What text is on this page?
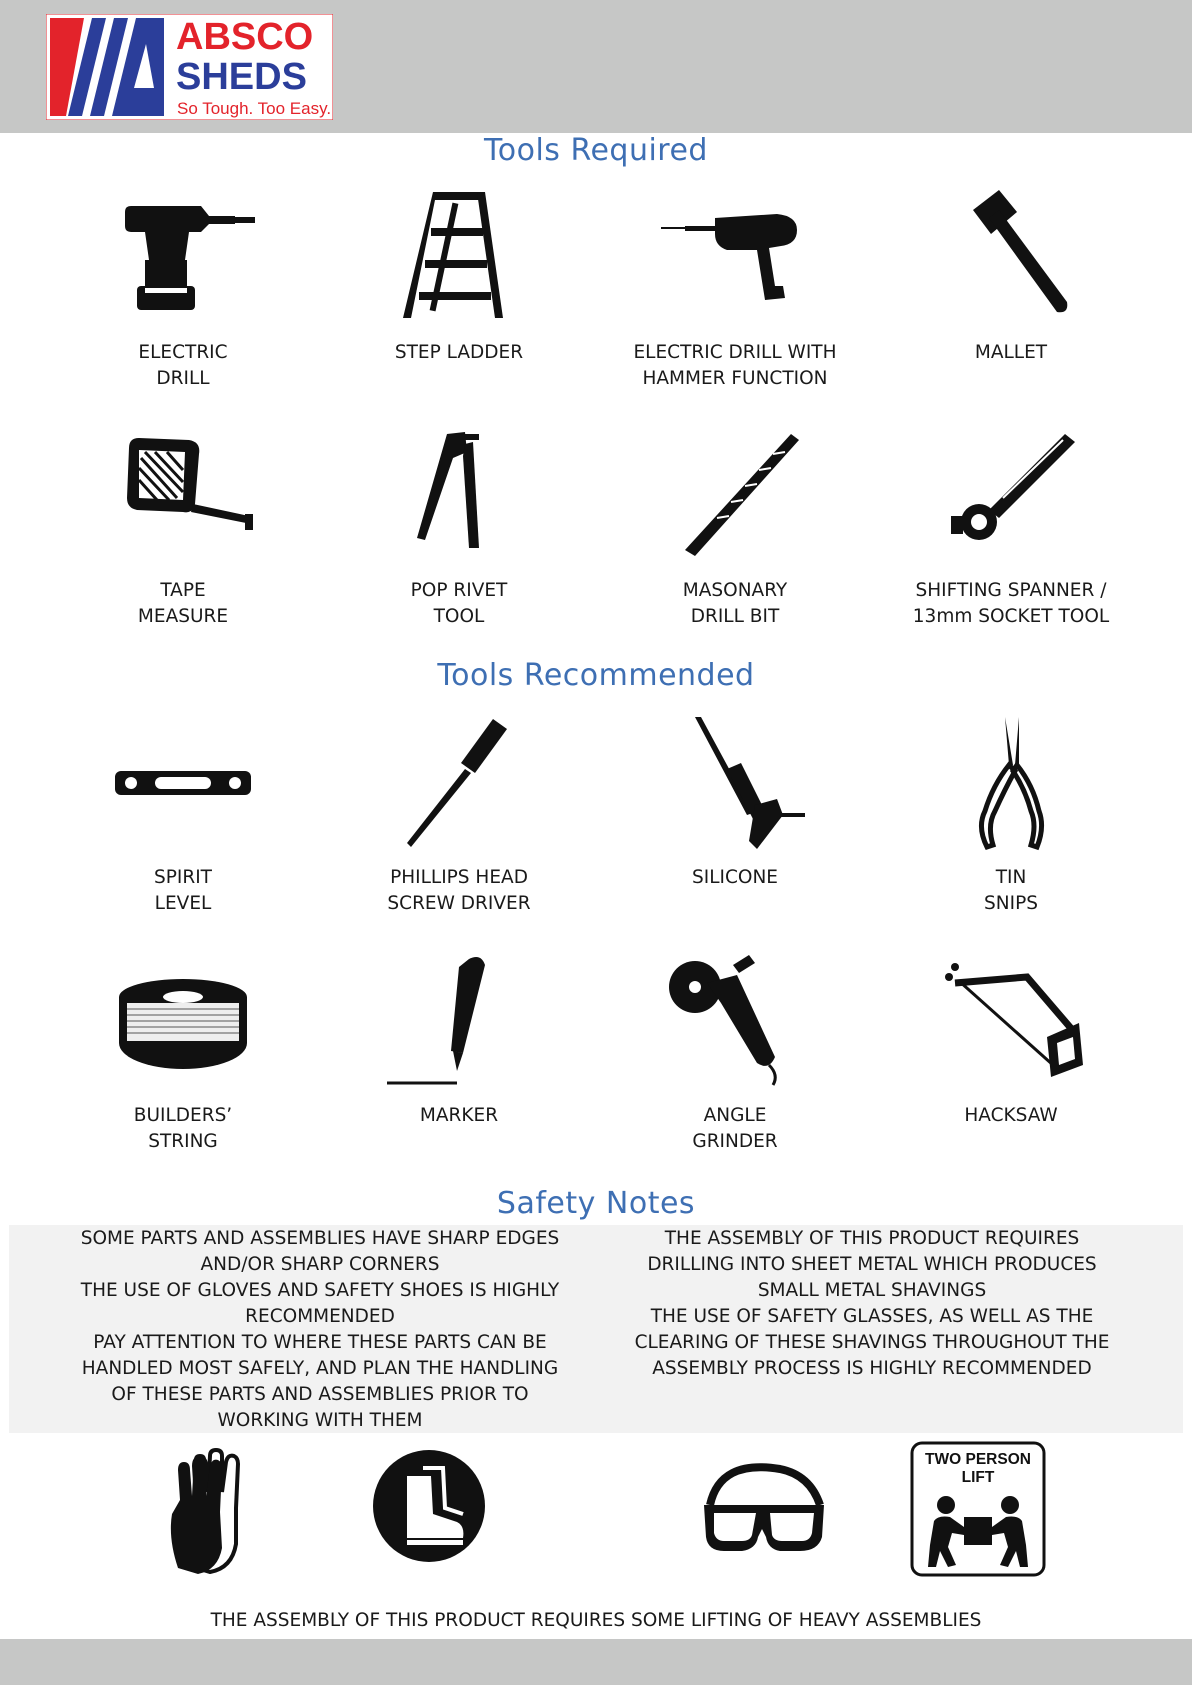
ABSCO
SHEDS
So Tough. Too Easy.
Tools Required
ELECTRIC
DRILL
STEP LADDER	ELECTRIC DRILL WITH
HAMMER FUNCTION
MALLET
TAPE
MEASURE
POP RIVET
TOOL
MASONARY
DRILL BIT
SHIFTING SPANNER /
13mm SOCKET TOOL
Tools Recommended
SPIRIT
LEVEL
PHILLIPS HEAD
SCREW DRIVER
SILICONE	TIN
SNIPS
BUILDERS’
STRING
MARKER	ANGLE
GRINDER
HACKSAW
Safety Notes

SOME PARTS AND ASSEMBLIES HAVE SHARP EDGES

AND/OR SHARP CORNERS

THE USE OF GLOVES AND SAFETY SHOES IS HIGHLY

RECOMMENDED

PAY ATTENTION TO WHERE THESE PARTS CAN BE

HANDLED MOST SAFELY, AND PLAN THE HANDLING

OF THESE PARTS AND ASSEMBLIES PRIOR TO

WORKING WITH THEM

THE ASSEMBLY OF THIS PRODUCT REQUIRES

DRILLING INTO SHEET METAL WHICH PRODUCES

SMALL METAL SHAVINGS

THE USE OF SAFETY GLASSES, AS WELL AS THE

CLEARING OF THESE SHAVINGS THROUGHOUT THE

ASSEMBLY PROCESS IS HIGHLY RECOMMENDED

TWO PERSON
LIFT
THE ASSEMBLY OF THIS PRODUCT REQUIRES SOME LIFTING OF HEAVY ASSEMBLIES
